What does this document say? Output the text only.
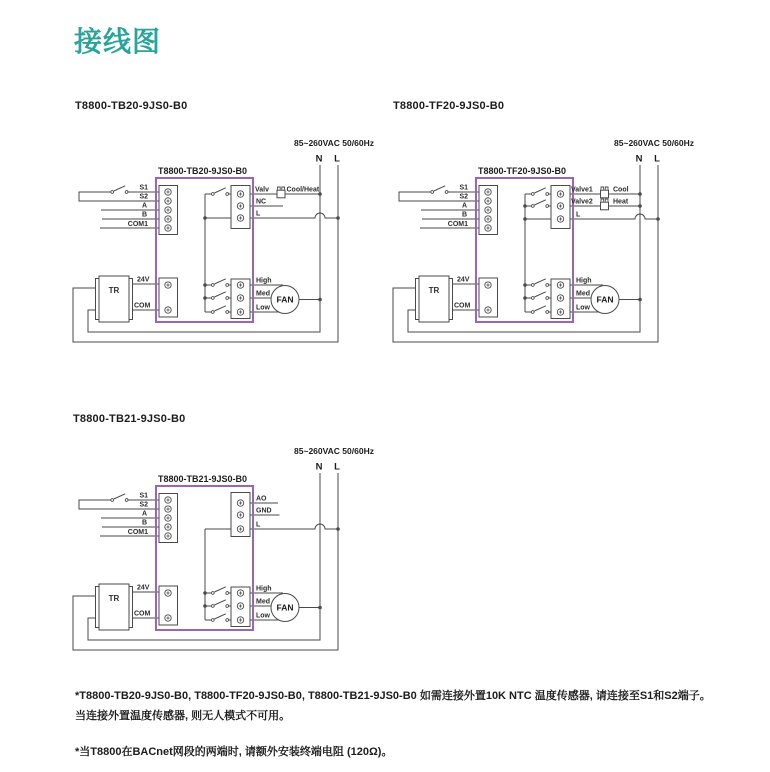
接线图
T8800-TB20-9JS0-B0	T8800-TF20-9JS0-B0
T8800-TB21-9JS0-B0
TR
FAN
85~260VAC 50/60Hz
N L
T8800-TB20-9JS0-B0
S1
S2
A
B
COM1
24V
COM
Valv
NC
L
Cool/Heat
High
Med
Low
TR
FAN
85~260VAC 50/60Hz
N L
T8800-TF20-9JS0-B0
S1
S2
A
B
COM1
24V
COM
Valve1
Valve2
L
Cool
Heat
High
Med
Low
TR
FAN
85~260VAC 50/60Hz
N L
T8800-TB21-9JS0-B0
S1
S2
A
B
COM1
24V
COM
AO
GND
L
High
Med
Low

*T8800-TB20-9JS0-B0, T8800-TF20-9JS0-B0, T8800-TB21-9JS0-B0 如需连接外置10K NTC 温度传感器, 请连接至S1和S2端子。当连接外置温度传感器, 则无人模式不可用。

*当T8800在BACnet网段的两端时, 请额外安装终端电阻 (120Ω)。
